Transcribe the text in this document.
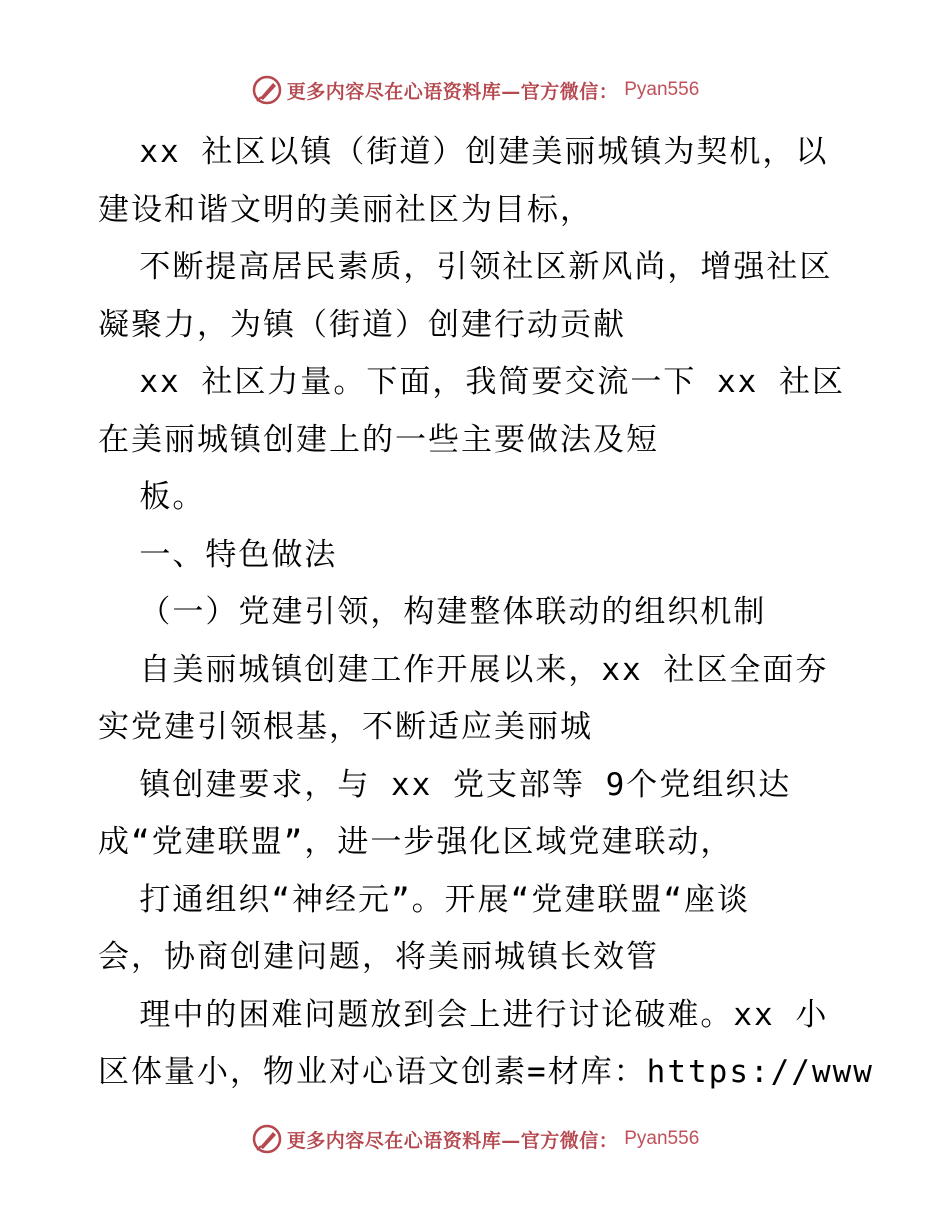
更多内容尽在心语资料库—官方微信： Pyan556
xx 社区以镇（街道）创建美丽城镇为契机，以
建设和谐文明的美丽社区为目标，
不断提高居民素质，引领社区新风尚，增强社区
凝聚力，为镇（街道）创建行动贡献
xx 社区力量。下面，我简要交流一下 xx 社区
在美丽城镇创建上的一些主要做法及短
板。
一、特色做法
（一）党建引领，构建整体联动的组织机制
自美丽城镇创建工作开展以来，xx 社区全面夯
实党建引领根基，不断适应美丽城
镇创建要求，与 xx 党支部等 9个党组织达
成“党建联盟”，进一步强化区域党建联动，
打通组织“神经元”。开展“党建联盟“座谈
会，协商创建问题，将美丽城镇长效管
理中的困难问题放到会上进行讨论破难。xx 小
区体量小，物业对心语文创素=材库：https://www
更多内容尽在心语资料库—官方微信： Pyan556
